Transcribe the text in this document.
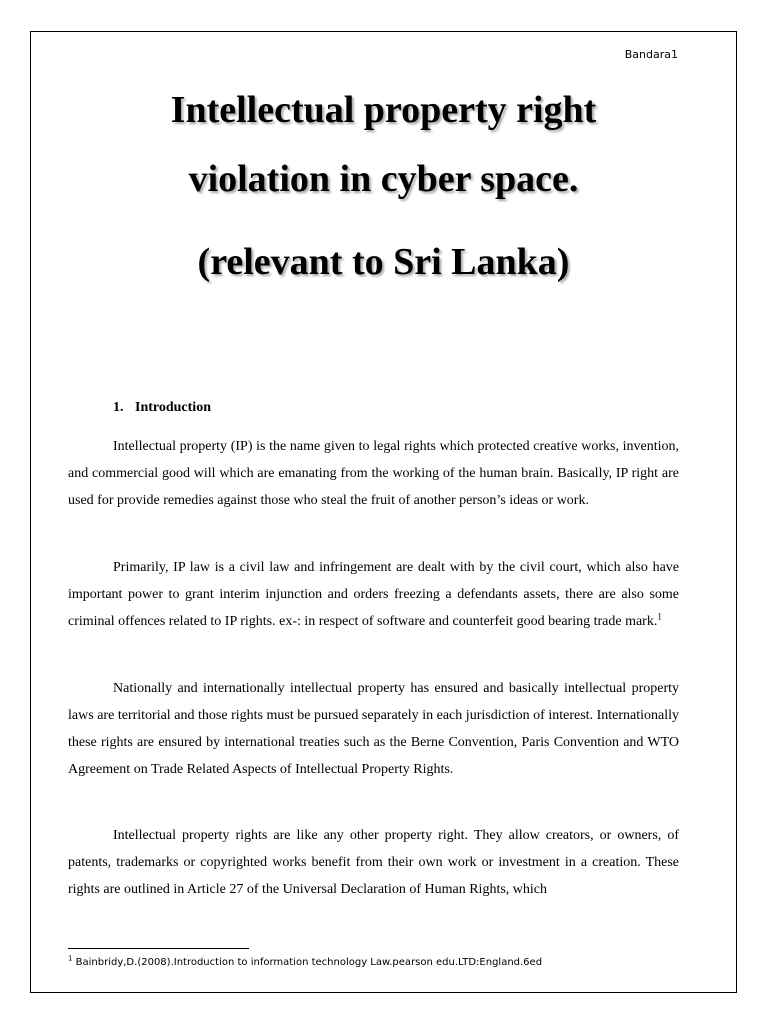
Bandara1
Intellectual property right
violation in cyber space.
(relevant to Sri Lanka)
1. Introduction
Intellectual property (IP) is the name given to legal rights which protected creative works, invention, and commercial good will which are emanating from the working of the human brain. Basically, IP right are used for provide remedies against those who steal the fruit of another person’s ideas or work.
Primarily, IP law is a civil law and infringement are dealt with by the civil court, which also have important power to grant interim injunction and orders freezing a defendants assets, there are also some criminal offences related to IP rights. ex-: in respect of software and counterfeit good bearing trade mark.$^1$
Nationally and internationally intellectual property has ensured and basically intellectual property laws are territorial and those rights must be pursued separately in each jurisdiction of interest. Internationally these rights are ensured by international treaties such as the Berne Convention, Paris Convention and WTO Agreement on Trade Related Aspects of Intellectual Property Rights.
Intellectual property rights are like any other property right. They allow creators, or owners, of patents, trademarks or copyrighted works benefit from their own work or investment in a creation. These rights are outlined in Article 27 of the Universal Declaration of Human Rights, which
$^1$ Bainbridy,D.(2008).Introduction to information technology Law.pearson edu.LTD:England.6ed
